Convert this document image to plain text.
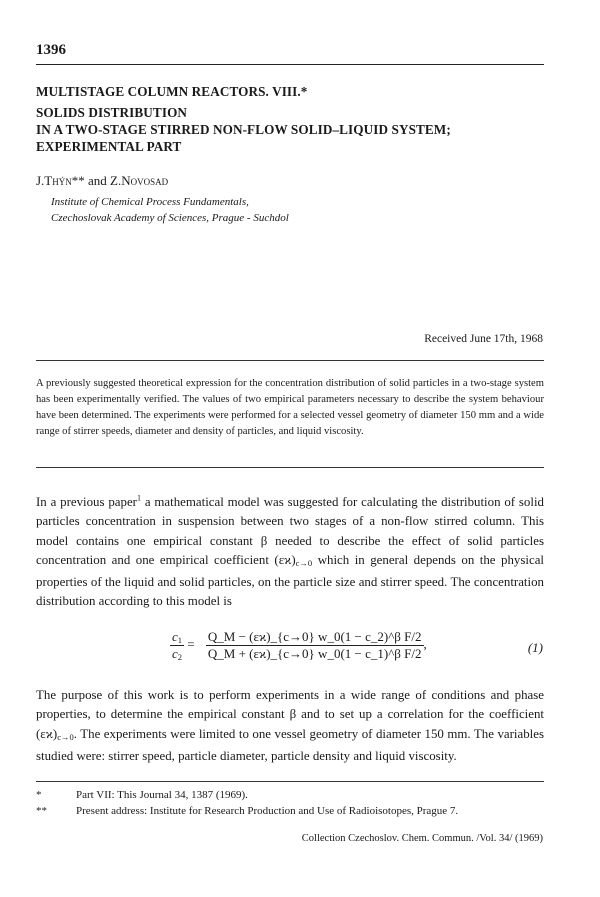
1396
MULTISTAGE COLUMN REACTORS. VIII.*
SOLIDS DISTRIBUTION
IN A TWO-STAGE STIRRED NON-FLOW SOLID–LIQUID SYSTEM;
EXPERIMENTAL PART
J.Thýn** and Z.Novosad
Institute of Chemical Process Fundamentals,
Czechoslovak Academy of Sciences, Prague - Suchdol
Received June 17th, 1968
A previously suggested theoretical expression for the concentration distribution of solid particles in a two-stage system has been experimentally verified. The values of two empirical parameters necessary to describe the system behaviour have been determined. The experiments were performed for a selected vessel geometry of diameter 150 mm and a wide range of stirrer speeds, diameter and density of particles, and liquid viscosity.
In a previous paper$^1$ a mathematical model was suggested for calculating the distribution of solid particles concentration in suspension between two stages of a non-flow stirred column. This model contains one empirical constant β needed to describe the effect of solid particles concentration and one empirical coefficient $(\varepsilon ϰ)_{c\to 0}$ which in general depends on the physical properties of the liquid and solid particles, on the particle size and stirrer speed. The concentration distribution according to this model is
$\frac{c_1}{c_2} = \frac{\text{Q\_M − (εϰ)\_\{c→0\} w\_0(1 − c\_2)\textasciicircum{}β F/2}}{\text{Q\_M + (εϰ)\_\{c→0\} w\_0(1 − c\_1)\textasciicircum{}β F/2}}$ ,	(1)
The purpose of this work is to perform experiments in a wide range of conditions and phase properties, to determine the empirical constant β and to set up a correlation for the coefficient $(\varepsilon ϰ)_{c\to 0}$. The experiments were limited to one vessel geometry of diameter 150 mm. The variables studied were: stirrer speed, particle diameter, particle density and liquid viscosity.
*	Part VII: This Journal 34, 1387 (1969).
**	Present address: Institute for Research Production and Use of Radioisotopes, Prague 7.
Collection Czechoslov. Chem. Commun. /Vol. 34/ (1969)
